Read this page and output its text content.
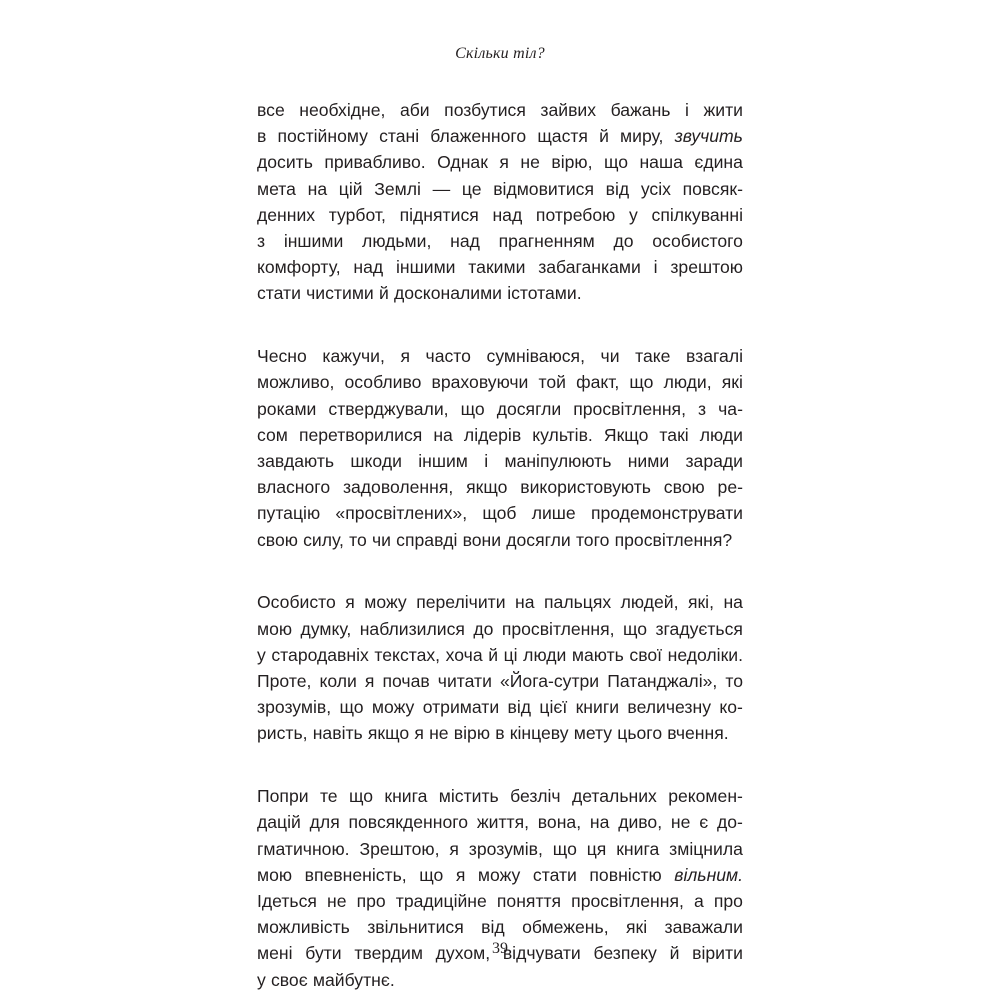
Скільки тіл?
все необхідне, аби позбутися зайвих бажань і жити
в постійному стані блаженного щастя й миру, звучить
досить привабливо. Однак я не вірю, що наша єдина
мета на цій Землі — це відмовитися від усіх повсяк-
денних турбот, піднятися над потребою у спілкуванні
з іншими людьми, над прагненням до особистого
комфорту, над іншими такими забаганками і зрештою
стати чистими й досконалими істотами.
Чесно кажучи, я часто сумніваюся, чи таке взагалі
можливо, особливо враховуючи той факт, що люди, які
роками стверджували, що досягли просвітлення, з ча-
сом перетворилися на лідерів культів. Якщо такі люди
завдають шкоди іншим і маніпулюють ними заради
власного задоволення, якщо використовують свою ре-
путацію «просвітлених», щоб лише продемонструвати
свою силу, то чи справді вони досягли того просвітлення?
Особисто я можу перелічити на пальцях людей, які, на
мою думку, наблизилися до просвітлення, що згадується
у стародавніх текстах, хоча й ці люди мають свої недоліки.
Проте, коли я почав читати «Йога-сутри Патанджалі», то
зрозумів, що можу отримати від цієї книги величезну ко-
ристь, навіть якщо я не вірю в кінцеву мету цього вчення.
Попри те що книга містить безліч детальних рекомен-
дацій для повсякденного життя, вона, на диво, не є до-
гматичною. Зрештою, я зрозумів, що ця книга зміцнила
мою впевненість, що я можу стати повністю вільним.
Ідеться не про традиційне поняття просвітлення, а про
можливість звільнитися від обмежень, які заважали
мені бути твердим духом, відчувати безпеку й вірити
у своє майбутнє.
39
